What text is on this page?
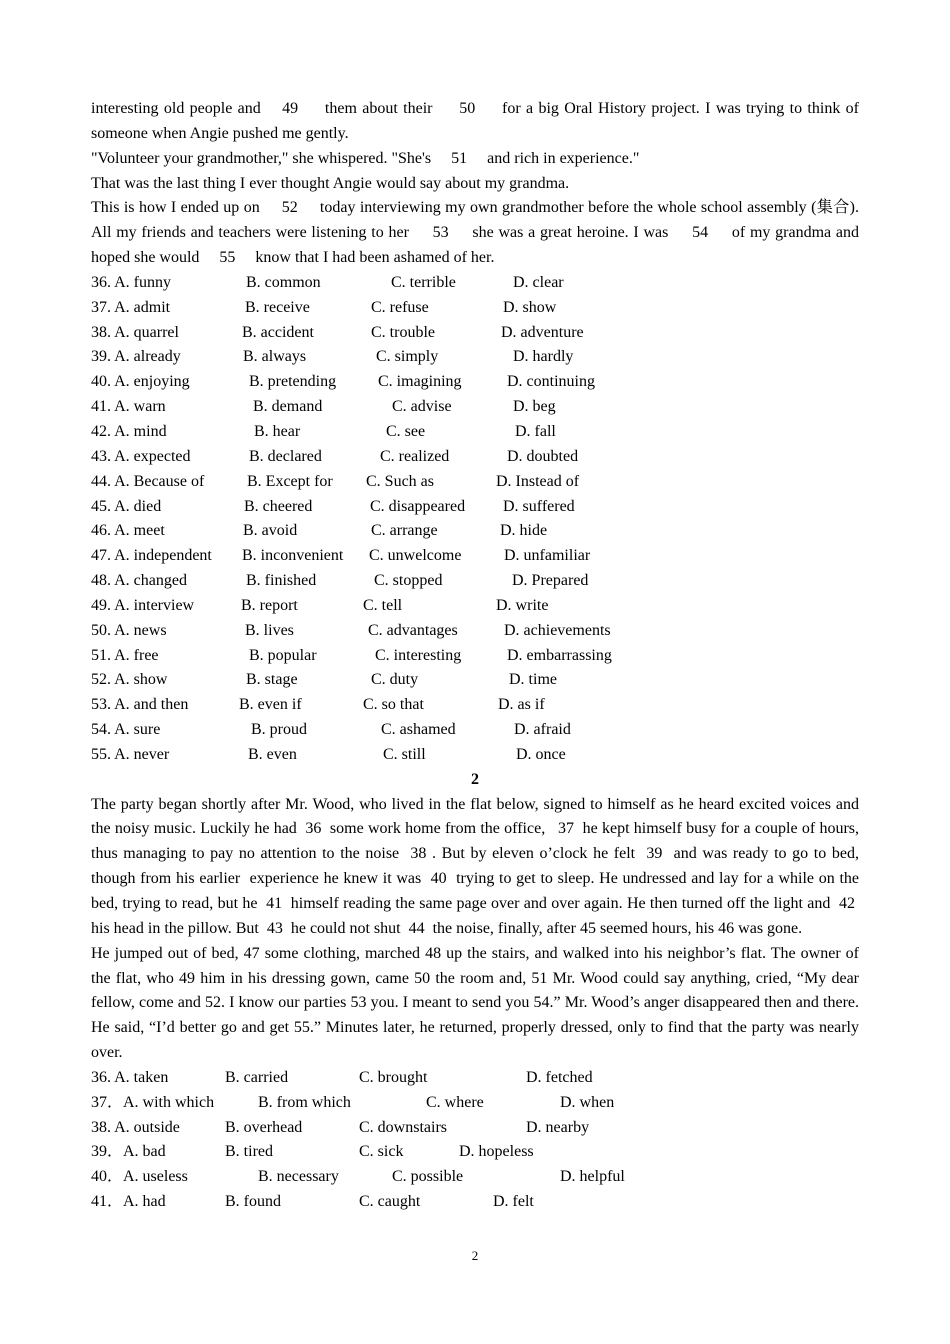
interesting old people and    49     them about their     50     for a big Oral History project. I was trying to think of someone when Angie pushed me gently.

"Volunteer your grandmother," she whispered. "She's     51     and rich in experience."

That was the last thing I ever thought Angie would say about my grandma.

This is how I ended up on     52     today interviewing my own grandmother before the whole school assembly (集合). All my friends and teachers were listening to her     53     she was a great heroine. I was     54     of my grandma and hoped she would     55     know that I had been ashamed of her.

36. A. funny	B. common	C. terrible	D. clear
37. A. admit	B. receive	C. refuse	D. show
38. A. quarrel	B. accident	C. trouble	D. adventure
39. A. already	B. always	C. simply	D. hardly
40. A. enjoying	B. pretending	C. imagining	D. continuing
41. A. warn	B. demand	C. advise	D. beg
42. A. mind	B. hear	C. see	D. fall
43. A. expected	B. declared	C. realized	D. doubted
44. A. Because of	B. Except for C. Such as	D. Instead of
45. A. died	B. cheered	C. disappeared D. suffered
46. A. meet	B. avoid	C. arrange	D. hide
47. A. independent B. inconvenient C. unwelcome	D. unfamiliar
48. A. changed	B. finished	C. stopped	D. Prepared
49. A. interview	B. report	C. tell	D. write
50. A. news	B. lives	C. advantages	D. achievements
51. A. free	B. popular	C. interesting	D. embarrassing
52. A. show	B. stage	C. duty	D. time
53. A. and then	B. even if	C. so that	D. as if
54. A. sure	B. proud	C. ashamed	D. afraid
55. A. never	B. even	C. still	D. once

2

The party began shortly after Mr. Wood, who lived in the flat below, signed to himself as he heard excited voices and the noisy music. Luckily he had  36  some work home from the office,   37  he kept himself busy for a couple of hours, thus managing to pay no attention to the noise  38 . But by eleven o’clock he felt  39  and was ready to go to bed, though from his earlier  experience he knew it was  40  trying to get to sleep. He undressed and lay for a while on the bed, trying to read, but he  41  himself reading the same page over and over again. He then turned off the light and  42  his head in the pillow. But  43  he could not shut  44  the noise, finally, after 45 seemed hours, his 46 was gone.

He jumped out of bed, 47 some clothing, marched 48 up the stairs, and walked into his neighbor’s flat. The owner of the flat, who 49 him in his dressing gown, came 50 the room and, 51 Mr. Wood could say anything, cried, “My dear fellow, come and 52. I know our parties 53 you. I meant to send you 54.” Mr. Wood’s anger disappeared then and there. He said, “I’d better go and get 55.” Minutes later, he returned, properly dressed, only to find that the party was nearly over.

36. A. taken	B. carried	C. brought	D. fetched
37．A. with which	B. from which	C. where	D. when
38. A. outside	B. overhead	C. downstairs	D. nearby
39．A. bad	B. tired	C. sick	D. hopeless
40．A. useless	B. necessary	C. possible	D. helpful
41．A. had	B. found	C. caught	D. felt
2
